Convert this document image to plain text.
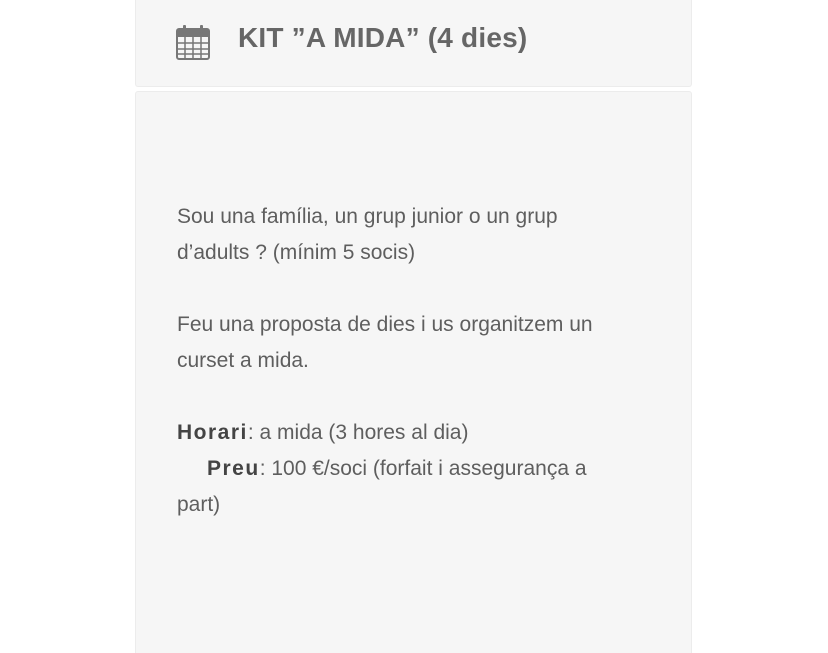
KIT ”A MIDA” (4 dies)

Sou una família, un grup junior o un grup
d’adults ? (mínim 5 socis)

Feu una proposta de dies i us organitzem un
curset a mida.

Horari: a mida (3 hores al dia)
Preu: 100 €/soci (forfait i assegurança a
part)
